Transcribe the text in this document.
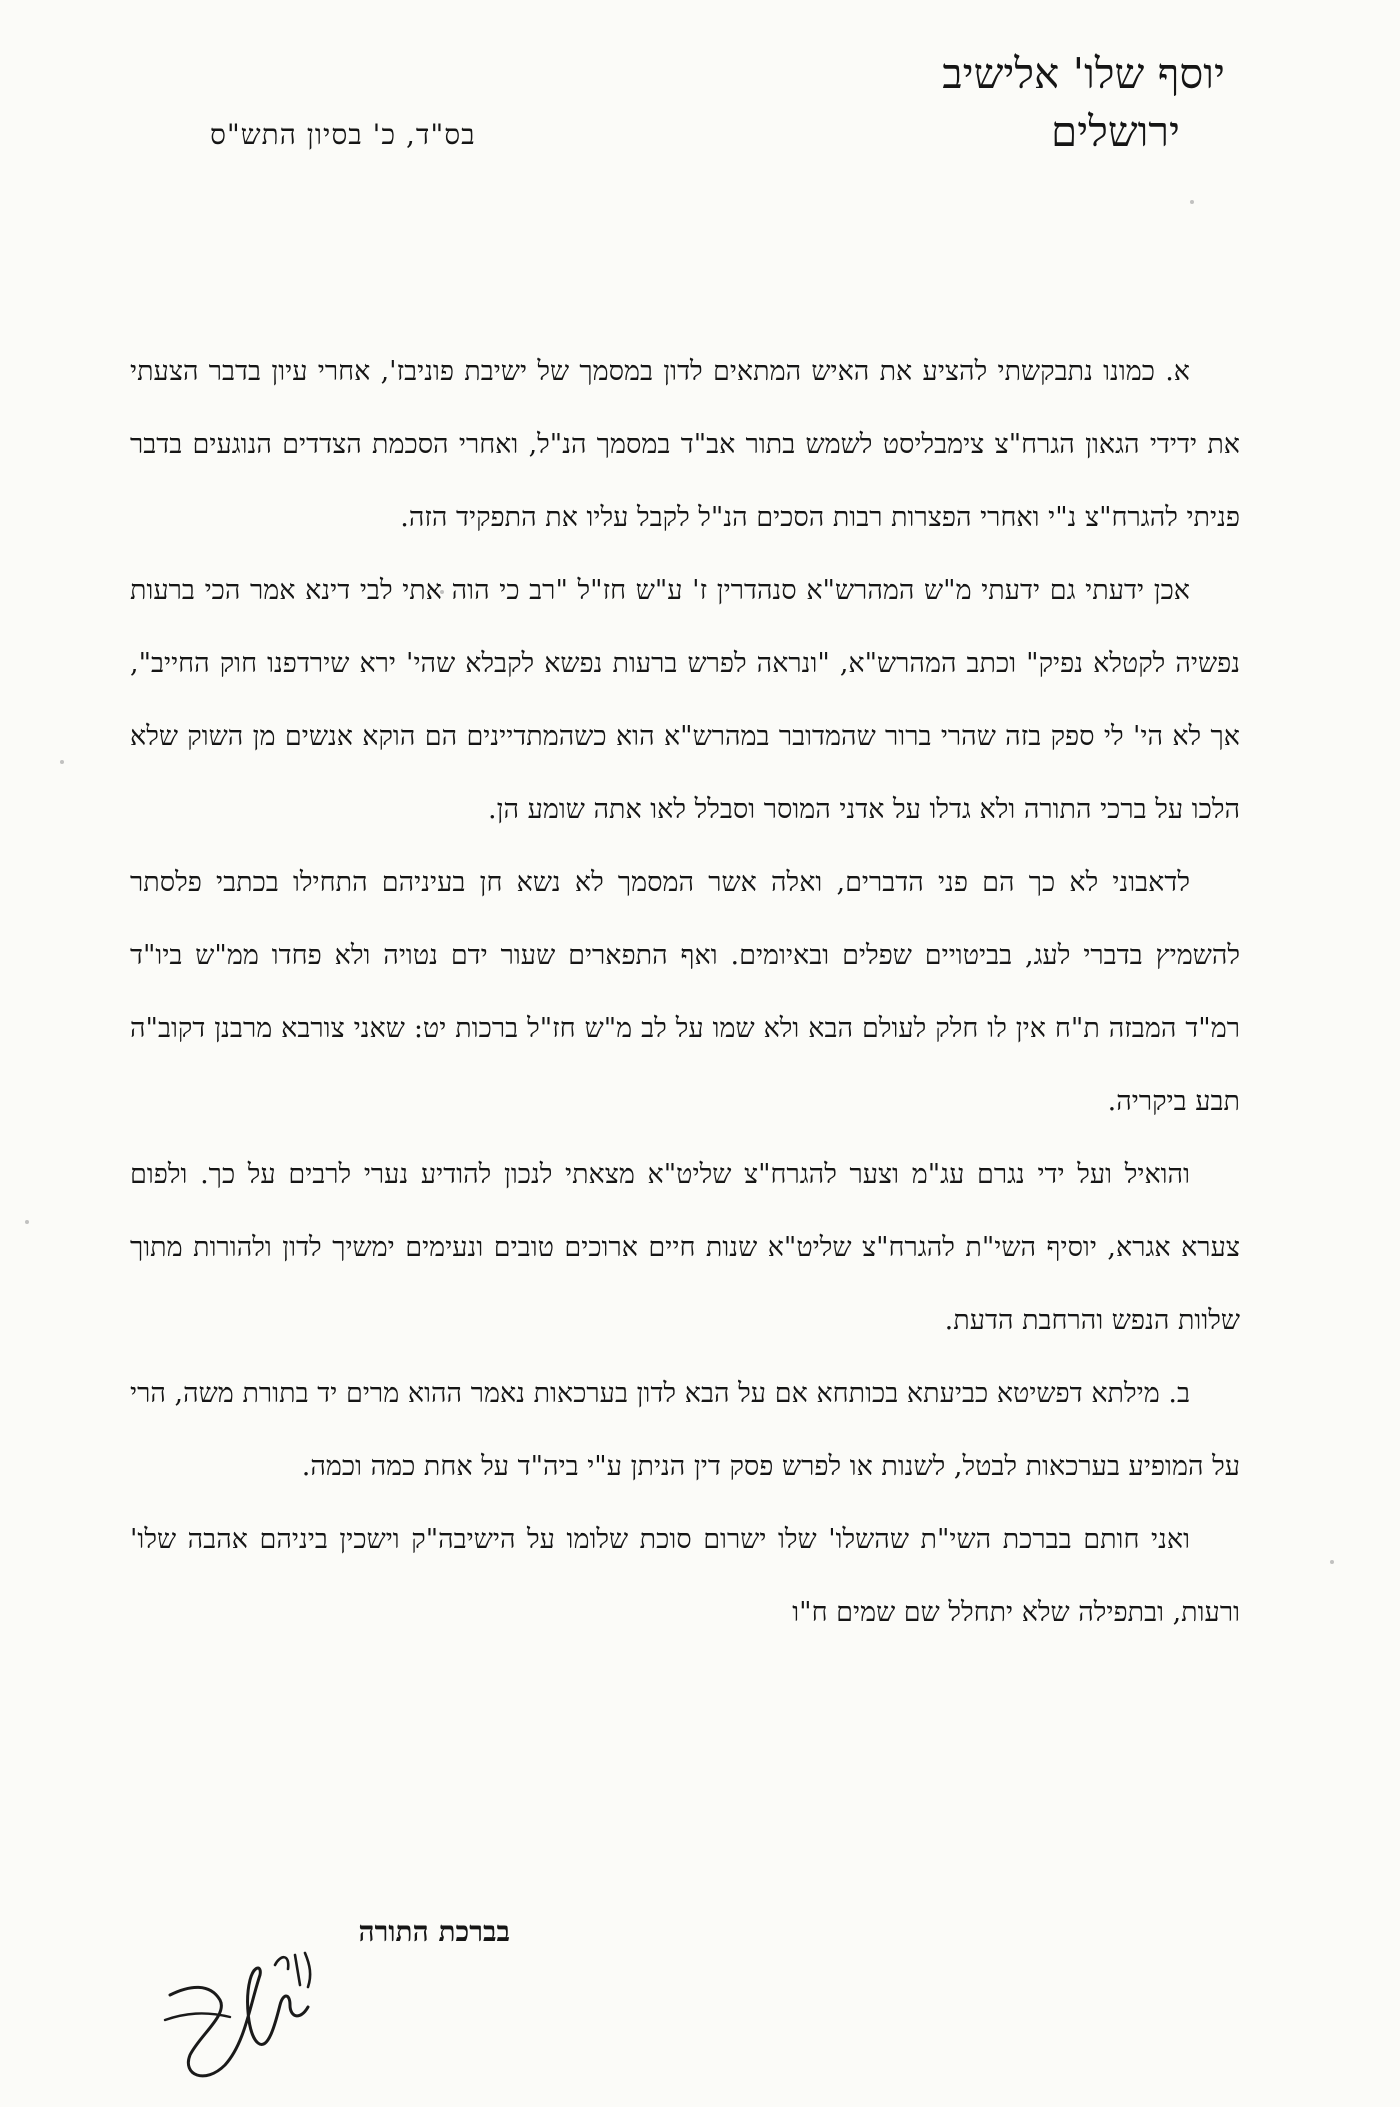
יוסף שלו' אלישיב
ירושלים
בס"ד, כ' בסיון התש"ס

א. כמונו נתבקשתי להציע את האיש המתאים לדון במסמך של ישיבת פוניבז', אחרי עיון בדבר הצעתי את ידידי הגאון הגרח"צ צימבליסט לשמש בתור אב"ד במסמך הנ"ל, ואחרי הסכמת הצדדים הנוגעים בדבר פניתי להגרח"צ נ"י ואחרי הפצרות רבות הסכים הנ"ל לקבל עליו את התפקיד הזה.

אכן ידעתי גם ידעתי מ"ש המהרש"א סנהדרין ז' ע"ש חז"ל "רב כי הוה אתי לבי דינא אמר הכי ברעות נפשיה לקטלא נפיק" וכתב המהרש"א, "ונראה לפרש ברעות נפשא לקבלא שהי' ירא שירדפנו חוק החייב", אך לא הי' לי ספק בזה שהרי ברור שהמדובר במהרש"א הוא כשהמתדיינים הם הוקא אנשים מן השוק שלא הלכו על ברכי התורה ולא גדלו על אדני המוסר וסבלל לאו אתה שומע הן.

לדאבוני לא כך הם פני הדברים, ואלה אשר המסמך לא נשא חן בעיניהם התחילו בכתבי פלסתר להשמיץ בדברי לעג, בביטויים שפלים ובאיומים. ואף התפארים שעור ידם נטויה ולא פחדו ממ"ש ביו"ד רמ"ד המבזה ת"ח אין לו חלק לעולם הבא ולא שמו על לב מ"ש חז"ל ברכות יט: שאני צורבא מרבנן דקוב"ה תבע ביקריה.

והואיל ועל ידי נגרם עג"מ וצער להגרח"צ שליט"א מצאתי לנכון להודיע נערי לרבים על כך. ולפום צערא אגרא, יוסיף השי"ת להגרח"צ שליט"א שנות חיים ארוכים טובים ונעימים ימשיך לדון ולהורות מתוך שלוות הנפש והרחבת הדעת.

ב. מילתא דפשיטא כביעתא בכותחא אם על הבא לדון בערכאות נאמר ההוא מרים יד בתורת משה, הרי על המופיע בערכאות לבטל, לשנות או לפרש פסק דין הניתן ע"י ביה"ד על אחת כמה וכמה.

ואני חותם בברכת השי"ת שהשלו' שלו ישרום סוכת שלומו על הישיבה"ק וישכין ביניהם אהבה שלו' ורעות, ובתפילה שלא יתחלל שם שמים ח"ו

בברכת התורה
